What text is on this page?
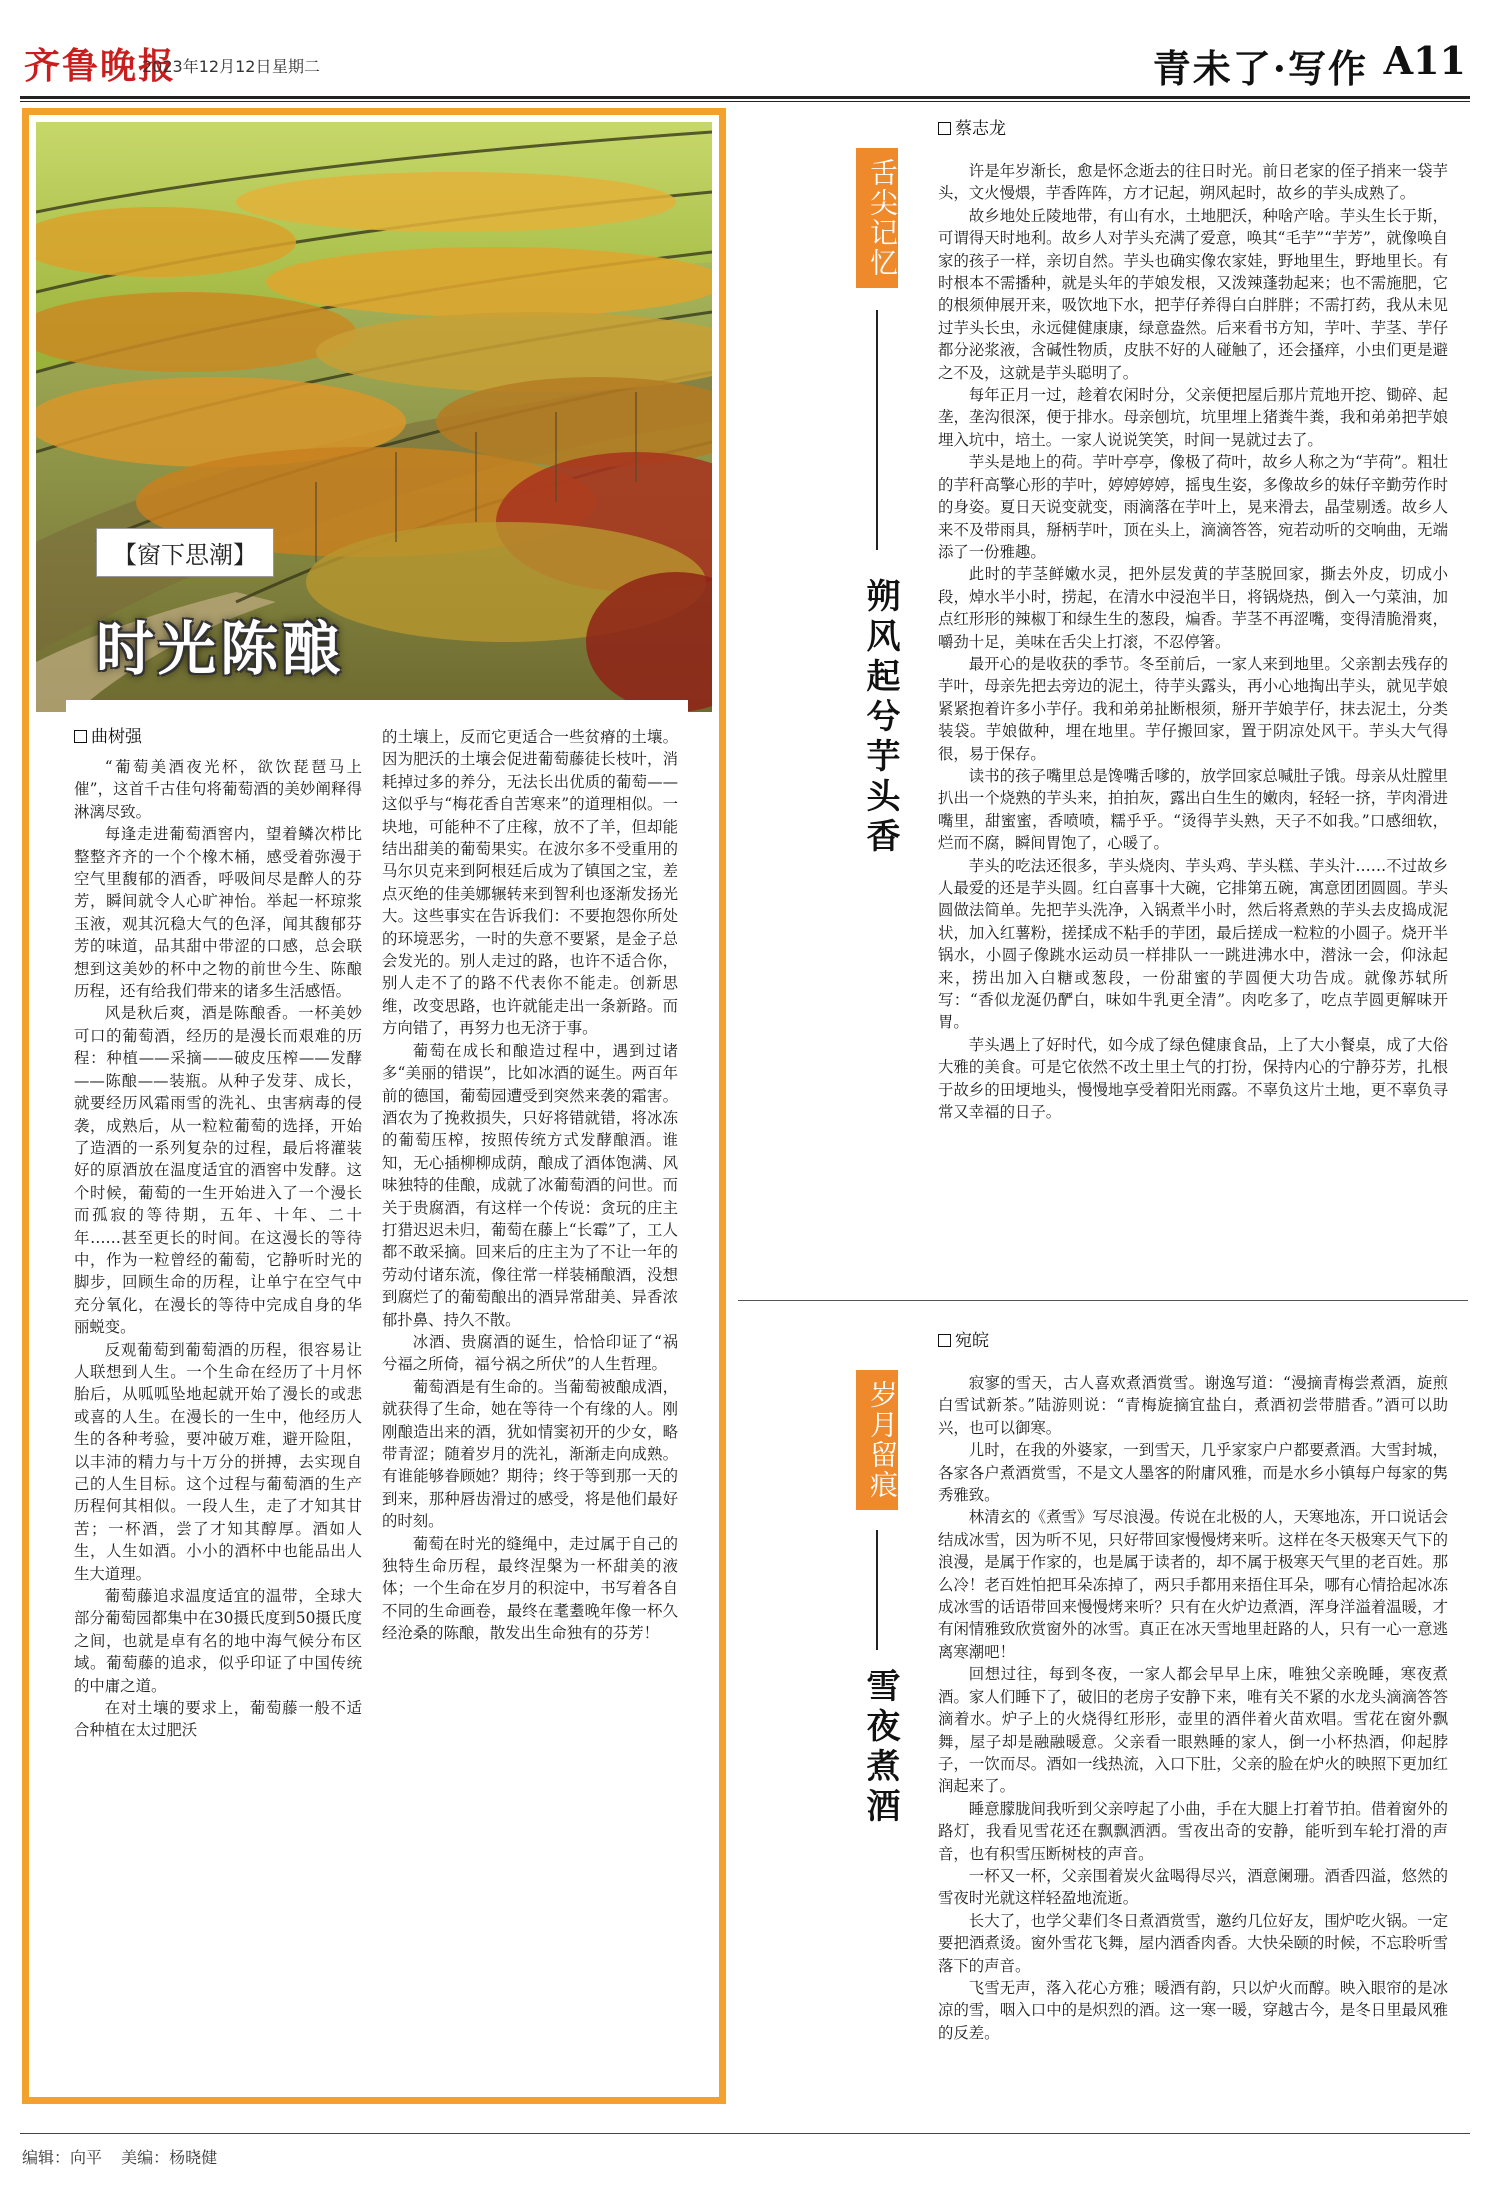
齐鲁晚报
2023年12月12日 星期二	青未了·写作 A11
【窗下思潮】
时光陈酿
曲树强

“葡萄美酒夜光杯，欲饮琵琶马上催”，这首千古佳句将葡萄酒的美妙阐释得淋漓尽致。

每逢走进葡萄酒窖内，望着鳞次栉比整整齐齐的一个个橡木桶，感受着弥漫于空气里馥郁的酒香，呼吸间尽是醉人的芬芳，瞬间就令人心旷神怡。举起一杯琼浆玉液，观其沉稳大气的色泽，闻其馥郁芬芳的味道，品其甜中带涩的口感，总会联想到这美妙的杯中之物的前世今生、陈酿历程，还有给我们带来的诸多生活感悟。

风是秋后爽，酒是陈酿香。一杯美妙可口的葡萄酒，经历的是漫长而艰难的历程：种植——采摘——破皮压榨——发酵——陈酿——装瓶。从种子发芽、成长，就要经历风霜雨雪的洗礼、虫害病毒的侵袭，成熟后，从一粒粒葡萄的选择，开始了造酒的一系列复杂的过程，最后将灌装好的原酒放在温度适宜的酒窖中发酵。这个时候，葡萄的一生开始进入了一个漫长而孤寂的等待期，五年、十年、二十年……甚至更长的时间。在这漫长的等待中，作为一粒曾经的葡萄，它静听时光的脚步，回顾生命的历程，让单宁在空气中充分氧化，在漫长的等待中完成自身的华丽蜕变。

反观葡萄到葡萄酒的历程，很容易让人联想到人生。一个生命在经历了十月怀胎后，从呱呱坠地起就开始了漫长的或悲或喜的人生。在漫长的一生中，他经历人生的各种考验，要冲破万难，避开险阻，以丰沛的精力与十万分的拼搏，去实现自己的人生目标。这个过程与葡萄酒的生产历程何其相似。一段人生，走了才知其甘苦；一杯酒，尝了才知其醇厚。酒如人生，人生如酒。小小的酒杯中也能品出人生大道理。

葡萄藤追求温度适宜的温带，全球大部分葡萄园都集中在30摄氏度到50摄氏度之间，也就是卓有名的地中海气候分布区域。葡萄藤的追求，似乎印证了中国传统的中庸之道。

在对土壤的要求上，葡萄藤一般不适合种植在太过肥沃

的土壤上，反而它更适合一些贫瘠的土壤。因为肥沃的土壤会促进葡萄藤徒长枝叶，消耗掉过多的养分，无法长出优质的葡萄——这似乎与“梅花香自苦寒来”的道理相似。一块地，可能种不了庄稼，放不了羊，但却能结出甜美的葡萄果实。在波尔多不受重用的马尔贝克来到阿根廷后成为了镇国之宝，差点灭绝的佳美娜辗转来到智利也逐渐发扬光大。这些事实在告诉我们：不要抱怨你所处的环境恶劣，一时的失意不要紧，是金子总会发光的。别人走过的路，也许不适合你，别人走不了的路不代表你不能走。创新思维，改变思路，也许就能走出一条新路。而方向错了，再努力也无济于事。

葡萄在成长和酿造过程中，遇到过诸多“美丽的错误”，比如冰酒的诞生。两百年前的德国，葡萄园遭受到突然来袭的霜害。酒农为了挽救损失，只好将错就错，将冰冻的葡萄压榨，按照传统方式发酵酿酒。谁知，无心插柳柳成荫，酿成了酒体饱满、风味独特的佳酿，成就了冰葡萄酒的问世。而关于贵腐酒，有这样一个传说：贪玩的庄主打猎迟迟未归，葡萄在藤上“长霉”了，工人都不敢采摘。回来后的庄主为了不让一年的劳动付诸东流，像往常一样装桶酿酒，没想到腐烂了的葡萄酿出的酒异常甜美、异香浓郁扑鼻、持久不散。

冰酒、贵腐酒的诞生，恰恰印证了“祸兮福之所倚，福兮祸之所伏”的人生哲理。

葡萄酒是有生命的。当葡萄被酿成酒，就获得了生命，她在等待一个有缘的人。刚刚酿造出来的酒，犹如情窦初开的少女，略带青涩；随着岁月的洗礼，渐渐走向成熟。有谁能够眷顾她？期待；终于等到那一天的到来，那种唇齿滑过的感受，将是他们最好的时刻。

葡萄在时光的缝绳中，走过属于自己的独特生命历程，最终涅槃为一杯甜美的液体；一个生命在岁月的积淀中，书写着各自不同的生命画卷，最终在耄耋晚年像一杯久经沧桑的陈酿，散发出生命独有的芬芳！

舌尖记忆
朔风起兮芋头香
蔡志龙

许是年岁渐长，愈是怀念逝去的往日时光。前日老家的侄子捎来一袋芋头，文火慢煨，芋香阵阵，方才记起，朔风起时，故乡的芋头成熟了。

故乡地处丘陵地带，有山有水，土地肥沃，种啥产啥。芋头生长于斯，可谓得天时地利。故乡人对芋头充满了爱意，唤其“毛芋”“芋芳”，就像唤自家的孩子一样，亲切自然。芋头也确实像农家娃，野地里生，野地里长。有时根本不需播种，就是头年的芋娘发根，又泼辣蓬勃起来；也不需施肥，它的根须伸展开来，吸饮地下水，把芋仔养得白白胖胖；不需打药，我从未见过芋头长虫，永远健健康康，绿意盎然。后来看书方知，芋叶、芋茎、芋仔都分泌浆液，含碱性物质，皮肤不好的人碰触了，还会搔痒，小虫们更是避之不及，这就是芋头聪明了。

每年正月一过，趁着农闲时分，父亲便把屋后那片荒地开挖、锄碎、起垄，垄沟很深，便于排水。母亲刨坑，坑里埋上猪粪牛粪，我和弟弟把芋娘埋入坑中，培土。一家人说说笑笑，时间一晃就过去了。

芋头是地上的荷。芋叶亭亭，像极了荷叶，故乡人称之为“芋荷”。粗壮的芋秆高擎心形的芋叶，婷婷婷婷，摇曳生姿，多像故乡的妹仔辛勤劳作时的身姿。夏日天说变就变，雨滴落在芋叶上，晃来滑去，晶莹剔透。故乡人来不及带雨具，掰柄芋叶，顶在头上，滴滴答答，宛若动听的交响曲，无端添了一份雅趣。

此时的芋茎鲜嫩水灵，把外层发黄的芋茎脱回家，撕去外皮，切成小段，焯水半小时，捞起，在清水中浸泡半日，将锅烧热，倒入一勺菜油，加点红形形的辣椒丁和绿生生的葱段，煸香。芋茎不再涩嘴，变得清脆滑爽，嚼劲十足，美味在舌尖上打滚，不忍停箸。

最开心的是收获的季节。冬至前后，一家人来到地里。父亲割去残存的芋叶，母亲先把去旁边的泥土，待芋头露头，再小心地掏出芋头，就见芋娘紧紧抱着许多小芋仔。我和弟弟扯断根须，掰开芋娘芋仔，抹去泥土，分类装袋。芋娘做种，埋在地里。芋仔搬回家，置于阴凉处风干。芋头大气得很，易于保存。

读书的孩子嘴里总是馋嘴舌嗲的，放学回家总喊肚子饿。母亲从灶膛里扒出一个烧熟的芋头来，拍拍灰，露出白生生的嫩肉，轻轻一挤，芋肉滑进嘴里，甜蜜蜜，香喷喷，糯乎乎。“烫得芋头熟，天子不如我。”口感细软，烂而不腐，瞬间胃饱了，心暖了。

芋头的吃法还很多，芋头烧肉、芋头鸡、芋头糕、芋头汁……不过故乡人最爱的还是芋头圆。红白喜事十大碗，它排第五碗，寓意团团圆圆。芋头圆做法简单。先把芋头洗净，入锅煮半小时，然后将煮熟的芋头去皮捣成泥状，加入红薯粉，搓揉成不粘手的芋团，最后搓成一粒粒的小圆子。烧开半锅水，小圆子像跳水运动员一样排队一一跳进沸水中，潜泳一会，仰泳起来，捞出加入白糖或葱段，一份甜蜜的芋圆便大功告成。就像苏轼所写：“香似龙涎仍酽白，味如牛乳更全清”。肉吃多了，吃点芋圆更解味开胃。

芋头遇上了好时代，如今成了绿色健康食品，上了大小餐桌，成了大俗大雅的美食。可是它依然不改土里土气的打扮，保持内心的宁静芬芳，扎根于故乡的田埂地头，慢慢地享受着阳光雨露。不辜负这片土地，更不辜负寻常又幸福的日子。

岁月留痕
雪夜煮酒
宛皖

寂寥的雪天，古人喜欢煮酒赏雪。谢逸写道：“漫摘青梅尝煮酒，旋煎白雪试新茶。”陆游则说：“青梅旋摘宜盐白，煮酒初尝带腊香。”酒可以助兴，也可以御寒。

儿时，在我的外婆家，一到雪天，几乎家家户户都要煮酒。大雪封城，各家各户煮酒赏雪，不是文人墨客的附庸风雅，而是水乡小镇每户每家的隽秀雅致。

林清玄的《煮雪》写尽浪漫。传说在北极的人，天寒地冻，开口说话会结成冰雪，因为听不见，只好带回家慢慢烤来听。这样在冬天极寒天气下的浪漫，是属于作家的，也是属于读者的，却不属于极寒天气里的老百姓。那么冷！老百姓怕把耳朵冻掉了，两只手都用来捂住耳朵，哪有心情拾起冰冻成冰雪的话语带回来慢慢烤来听？只有在火炉边煮酒，浑身洋溢着温暖，才有闲情雅致欣赏窗外的冰雪。真正在冰天雪地里赶路的人，只有一心一意逃离寒潮吧！

回想过往，每到冬夜，一家人都会早早上床，唯独父亲晚睡，寒夜煮酒。家人们睡下了，破旧的老房子安静下来，唯有关不紧的水龙头滴滴答答滴着水。炉子上的火烧得红形形，壶里的酒伴着火苗欢唱。雪花在窗外飘舞，屋子却是融融暖意。父亲看一眼熟睡的家人，倒一小杯热酒，仰起脖子，一饮而尽。酒如一线热流，入口下肚，父亲的脸在炉火的映照下更加红润起来了。

睡意朦胧间我听到父亲哼起了小曲，手在大腿上打着节拍。借着窗外的路灯，我看见雪花还在飘飘洒洒。雪夜出奇的安静，能听到车轮打滑的声音，也有积雪压断树枝的声音。

一杯又一杯，父亲围着炭火盆喝得尽兴，酒意阑珊。酒香四溢，悠然的雪夜时光就这样轻盈地流逝。

长大了，也学父辈们冬日煮酒赏雪，邀约几位好友，围炉吃火锅。一定要把酒煮烫。窗外雪花飞舞，屋内酒香肉香。大快朵颐的时候，不忘聆听雪落下的声音。

飞雪无声，落入花心方雅；暖酒有韵，只以炉火而醇。映入眼帘的是冰凉的雪，咽入口中的是炽烈的酒。这一寒一暖，穿越古今，是冬日里最风雅的反差。

编辑：向平 美编：杨晓健
